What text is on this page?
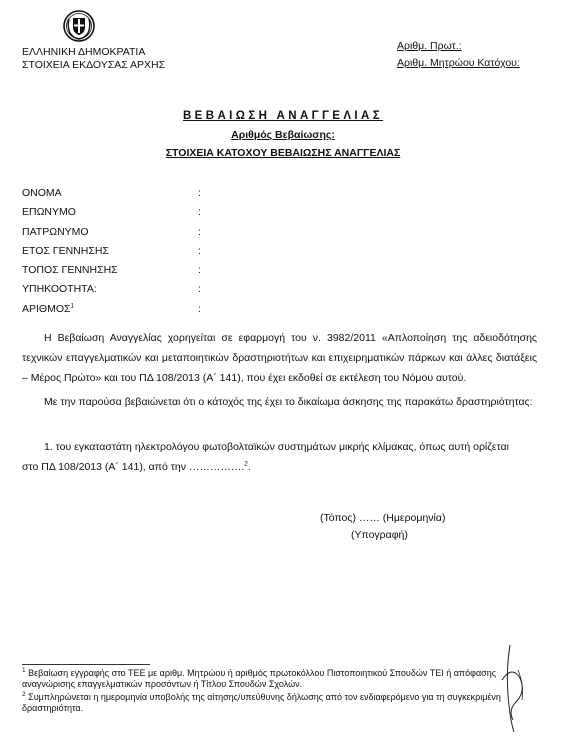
ΕΛΛΗΝΙΚΗ ΔΗΜΟΚΡΑΤΙΑ
ΣΤΟΙΧΕΙΑ ΕΚΔΟΥΣΑΣ ΑΡΧΗΣ
Αριθμ. Πρωτ.:
Αριθμ. Μητρώου Κατόχου:
ΒΕΒΑΙΩΣΗ ΑΝΑΓΓΕΛΙΑΣ
Αριθμός Βεβαίωσης:
ΣΤΟΙΧΕΙΑ ΚΑΤΟΧΟΥ ΒΕΒΑΙΩΣΗΣ ΑΝΑΓΓΕΛΙΑΣ
ΟΝΟΜΑ	:
ΕΠΩΝΥΜΟ	:
ΠΑΤΡΩΝΥΜΟ	:
ΕΤΟΣ ΓΕΝΝΗΣΗΣ	:
ΤΟΠΟΣ ΓΕΝΝΗΣΗΣ	:
ΥΠΗΚΟΟΤΗΤΑ:	:
ΑΡΙΘΜΟΣ$^1$	:
Η Βεβαίωση Αναγγελίας χορηγείται σε εφαρμογή του ν. 3982/2011 «Απλοποίηση της αδειοδότησης τεχνικών επαγγελματικών και μεταποιητικών δραστηριοτήτων και επιχειρηματικών πάρκων και άλλες διατάξεις – Μέρος Πρώτο» και του ΠΔ 108/2013 (Α΄ 141), που έχει εκδοθεί σε εκτέλεση του Νόμου αυτού.
Με την παρούσα βεβαιώνεται ότι ο κάτοχός της έχει το δικαίωμα άσκησης της παρακάτω δραστηριότητας:
1. του εγκαταστάτη ηλεκτρολόγου φωτοβολταϊκών συστημάτων μικρής κλίμακας, όπως αυτή ορίζεται
στο ΠΔ 108/2013 (Α΄ 141), από την …………….$^2$.
(Τόπος) …… (Ημερομηνία)
(Υπογραφή)
$^1$ Βεβαίωση εγγραφής στο ΤΕΕ με αριθμ. Μητρώου ή αριθμός πρωτοκόλλου Πιστοποιητικού Σπουδών ΤΕΙ ή απόφασης αναγνώρισης επαγγελματικών προσόντων ή Τίτλου Σπουδών Σχολών.
$^2$ Συμπληρώνεται η ημερομηνία υποβολής της αίτησης/υπεύθυνης δήλωσης από τον ενδιαφερόμενο για τη συγκεκριμένη δραστηριότητα.
